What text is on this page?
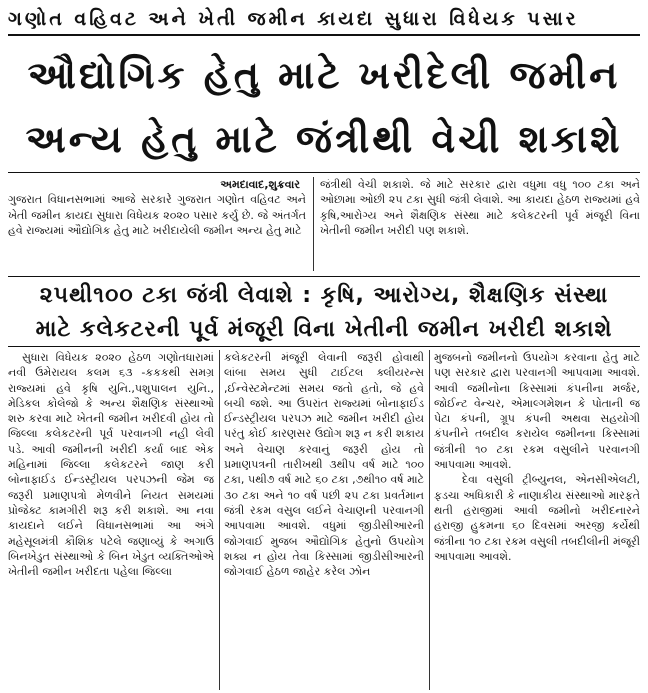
ગણોત વહિવટ અને ખેતી જમીન કાયદા સુધારા વિધેયક પસાર
ઔદ્યોગિક હેતુ માટે ખરીદેલી જમીન
અન્ય હેતુ માટે જંત્રીથી વેચી શકાશે

અમદાવાદ,શુક્રવાર

ગુજરાત વિધાનસભામાં આજે સરકારે ગુજરાત ગણોત વહિવટ અને ખેતી જમીન કાયદા સુધારા વિધેયક ૨૦૨૦ પસાર કર્યુ છે. જે અંતર્ગત હવે રાજ્યમાં ઔદ્યોગિક હેતુ માટે ખરીદાયેલી જમીન અન્ય હેતુ માટે

જંત્રીથી વેચી શકાશે. જે માટે સરકાર દ્વારા વધુમા વધુ ૧૦૦ ટકા અને ઓછામા ઓછી ૨૫ ટકા સુધી જંત્રી લેવાશે. આ કાયદા હેઠળ રાજ્યમાં હવે કૃષિ,આરોગ્ય અને શૈક્ષણિક સંસ્થા માટે કલેકટરની પૂર્વ મંજૂરી વિના ખેતીની જમીન ખરીદી પણ શકાશે.

૨૫થી૧૦૦ ટકા જંત્રી લેવાશે : કૃષિ, આરોગ્ય, શૈક્ષણિક સંસ્થા
માટે કલેકટરની પૂર્વ મંજૂરી વિના ખેતીની જમીન ખરીદી શકાશે

સુધારા વિધેયક ૨૦૨૦ હેઠળ ગણોતધારામાં નવી ઉમેરાયલ કલમ ૬૩ -કકકથી સમગ્ર રાજ્યમાં હવે કૃષિ યુનિ.,પશુપાલન યુનિ., મેડિકલ કોલેજો કે અન્ય શૈક્ષણિક સંસ્થાઓ શરુ કરવા માટે ખેતની જમીન ખરીદવી હોય તો જિલ્લા કલેકટરની પૂર્વ પરવાનગી નહી લેવી પડે. આવી જમીનની ખરીદી કર્યા બાદ એક મહિનામાં જિલ્લા કલેકટરને જાણ કરી બોનાફાઈડ ઈન્ડસ્ટ્રીયલ પરપઝની જેમ જ જરૂરી પ્રમાણપત્રો મેળવીને નિયત સમયમાં પ્રોજેક્ટ કામગીરી શરૂ કરી શકાશે. આ નવા કાયદાને લઈને વિધાનસભામાં આ અંગે મહેસૂલમંત્રી કૌશિક પટેલે જણાવ્યું કે અગાઉ બિનખેડુત સંસ્થાઓ કે બિન ખેડુત વ્યક્તિઓએ ખેતીની જમીન ખરીદતા પહેલા જિલ્લા

કલેકટરની મંજૂરી લેવાની જરૂરી હોવાથી લાંબા સમય સુધી ટાઈટલ ક્લીયરન્સ ,ઈન્વેસ્ટમેન્ટમાં સમય જતો હતો, જે હવે બચી જશે. આ ઉપરાંત રાજ્યમાં બોનાફાઈડ ઈન્ડસ્ટ્રીયલ પરપઝ માટે જમીન ખરીદી હોય પરંતુ કોઈ કારણસર ઉદ્યોગ શરૂ ન કરી શકાય અને વેચાણ કરવાનું જરૂરી હોય તો પ્રમાણપત્રની તારીખથી ૩થી૫ વર્ષ માટે ૧૦૦ ટકા, ૫થી૭ વર્ષ માટે ૬૦ ટકા ,૭થી૧૦ વર્ષ માટે ૩૦ ટકા અને ૧૦ વર્ષ પછી ૨૫ ટકા પ્રવર્તમાન જંત્રી રકમ વસુલ લઈને વેચાણની પરવાનગી આપવામા આવશે. વધુમાં જીડીસીઆરની જોગવાઈ મુજબ ઔદ્યોગિક હેતુનો ઉપયોગ શક્ય ન હોય તેવા કિસ્સામાં જીડીસીઆરની જોગવાઈ હેઠળ જાહેર કરેલ ઝોન

મુજબનો જમીનનો ઉપયોગ કરવાના હેતુ માટે પણ સરકાર દ્વારા પરવાનગી આપવામા આવશે. આવી જમીનોના કિસ્સામાં કંપનીના મર્જર, જોઈન્ટ વેન્ચર, એમાલ્ગમેશન કે પોતાની જ પેટા કંપની, ગ્રૂપ કંપની અથવા સહયોગી કંપનીને તબદીલ કરાયેલ જમીનના કિસ્સામાં જંત્રીની ૧૦ ટકા રકમ વસુલીને પરવાનગી આપવામા આવશે.

દેવા વસુલી ટ્રીબ્યુનલ, એનસીએલટી, ફડચા અધિકારી કે નાણાકીય સંસ્થાઓ મારફતે થતી હરાજીમાં આવી જમીનો ખરીદનારને હરાજી હુકમના ૬૦ દિવસમાં અરજી કર્યેથી જંત્રીના ૧૦ ટકા રકમ વસુલી તબદીલીની મંજૂરી આપવામા આવશે.
